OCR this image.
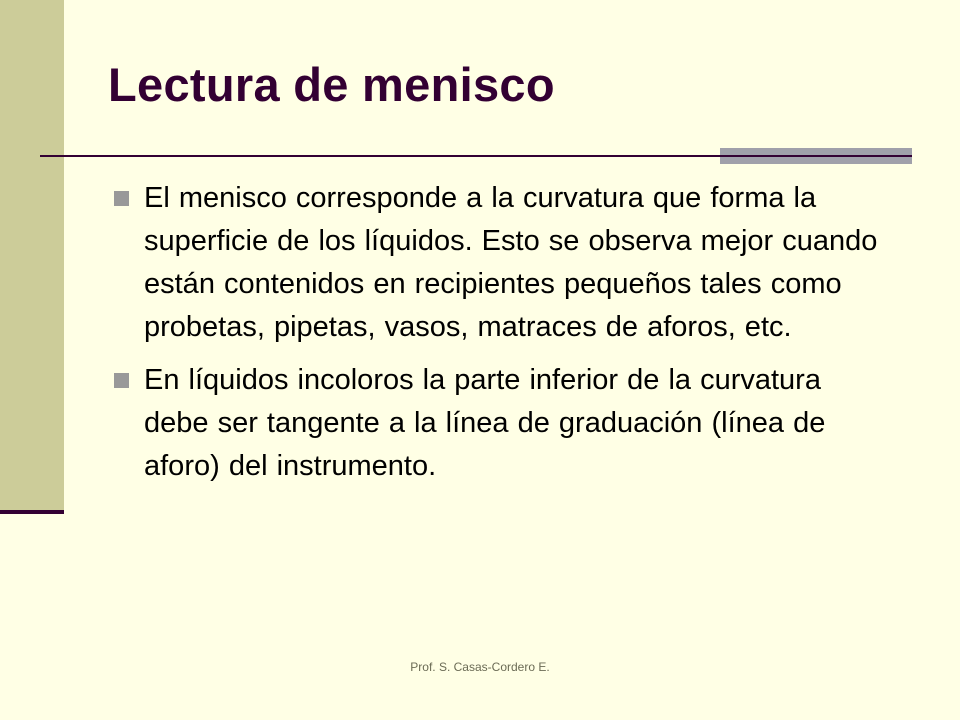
Lectura de menisco
El menisco corresponde a la curvatura que forma la superficie de los líquidos. Esto se observa mejor cuando están contenidos en recipientes pequeños tales como probetas, pipetas, vasos, matraces de aforos, etc.
En líquidos incoloros la parte inferior de la curvatura debe ser tangente a la línea de graduación (línea de aforo) del instrumento.
Prof. S. Casas-Cordero E.
